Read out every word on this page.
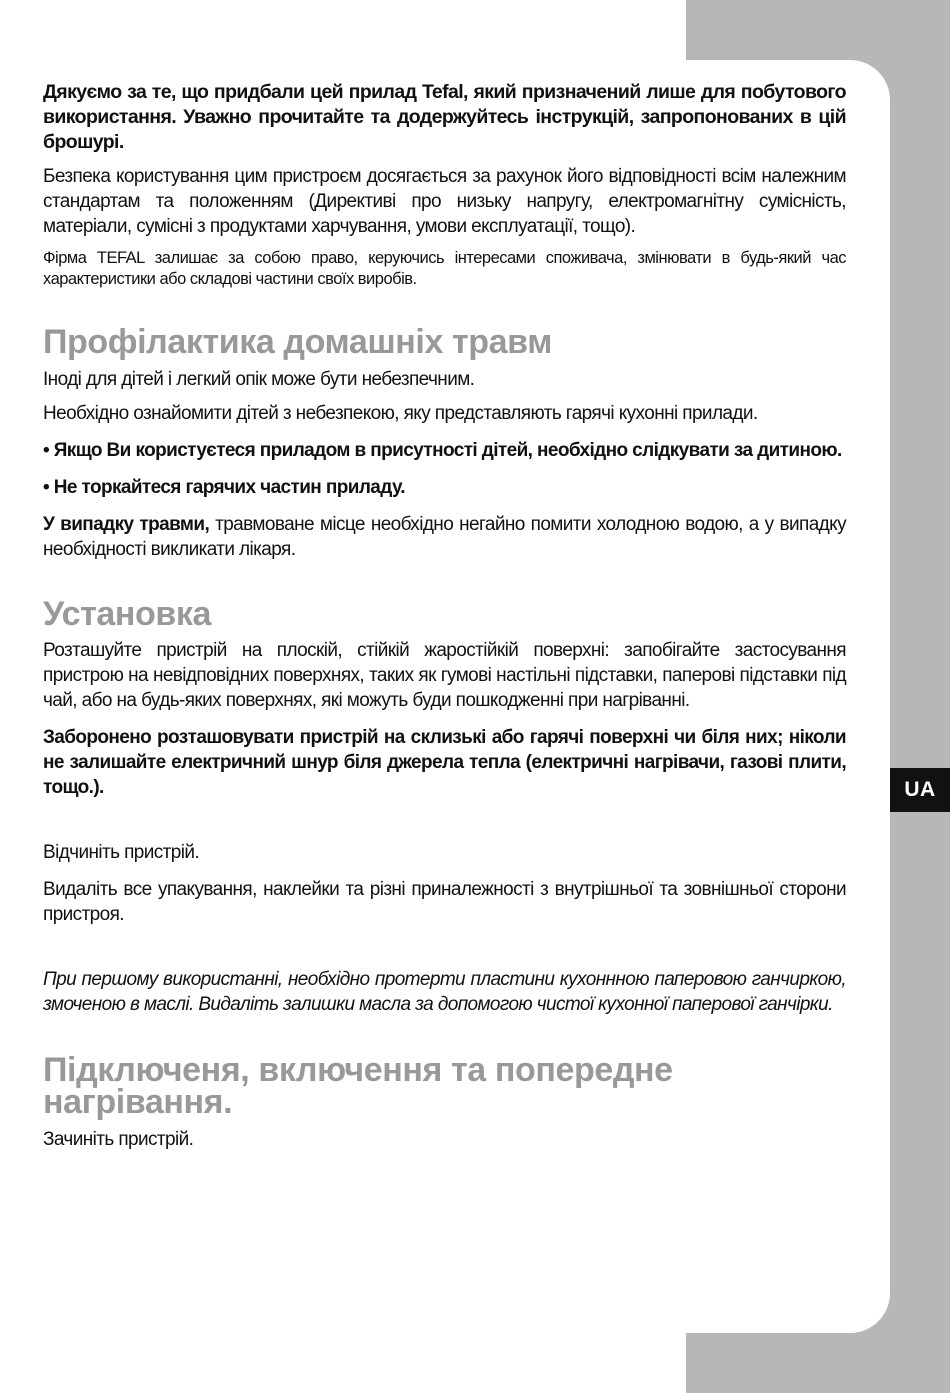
UA

Дякуємо за те, що придбали цей прилад Tefal, який призначений лише для побутового використання. Уважно прочитайте та додержуйтесь інструкцій, запропонованих в цій брошурі.

Безпека користування цим пристроєм досягається за рахунок його відповідності всім належним стандартам та положенням (Директиві про низьку напругу, електромагнітну сумісність, матеріали, сумісні з продуктами харчування, умови експлуатації, тощо).

Фірма TEFAL залишає за собою право, керуючись інтересами споживача, змінювати в будь-який час характеристики або складові частини своїх виробів.

Профілактика домашніх травм

Іноді для дітей і легкий опік може бути небезпечним.

Необхідно ознайомити дітей з небезпекою, яку представляють гарячі кухонні прилади.

• Якщо Ви користуєтеся приладом в присутності дітей, необхідно слідкувати за дитиною.

• Не торкайтеся гарячих частин приладу.

У випадку травми, травмоване місце необхідно негайно помити холодною водою, а у випадку необхідності викликати лікаря.

Установка

Розташуйте пристрій на плоскій, стійкій жаростійкій поверхні: запобігайте застосування пристрою на невідповідних поверхнях, таких як гумові настільні підставки, паперові підставки під чай, або на будь-яких поверхнях, які можуть буди пошкодженні при нагріванні.

Заборонено розташовувати пристрій на склизькі або гарячі поверхні чи біля них; ніколи не залишайте електричний шнур біля джерела тепла (електричні нагрівачи, газові плити, тощо.).

Відчиніть пристрій.

Видаліть все упакування, наклейки та різні приналежності з внутрішньої та зовнішньої сторони пристроя.

При першому використанні, необхідно протерти пластини кухоннною паперовою ганчиркою, змоченою в маслі. Видаліть залишки масла за допомогою чистої кухонної паперової ганчірки.

Підключеня, включення та попередне нагрівання.

Зачиніть пристрій.
